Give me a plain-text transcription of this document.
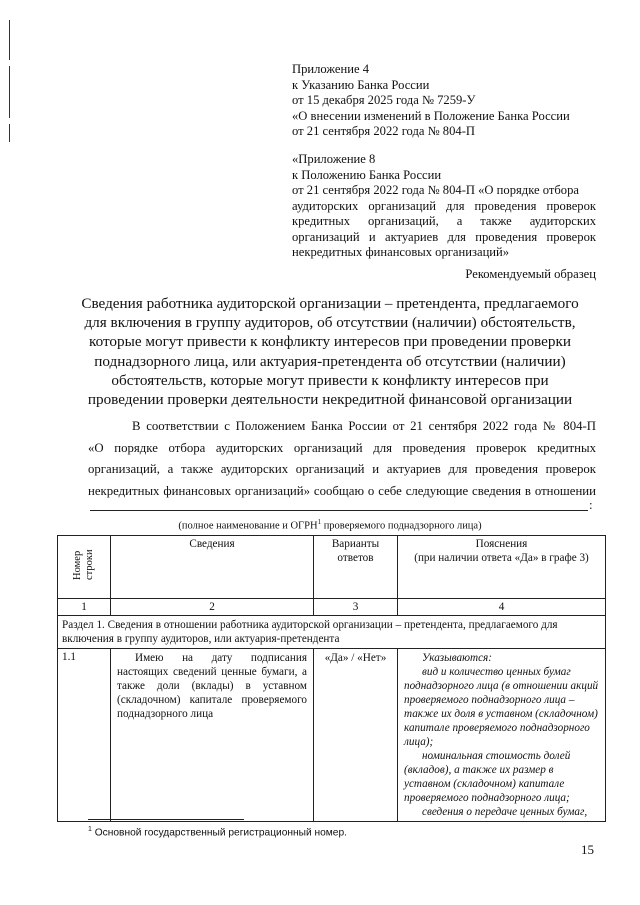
Приложение 4
к Указанию Банка России
от 15 декабря 2025 года № 7259-У
«О внесении изменений в Положение Банка России
от 21 сентября 2022 года № 804-П
«Приложение 8
к Положению Банка России
от 21 сентября 2022 года № 804-П «О порядке отбора
аудиторских организаций для проведения проверок
кредитных организаций, а также аудиторских
организаций и актуариев для проведения проверок
некредитных финансовых организаций»
Рекомендуемый образец
Сведения работника аудиторской организации – претендента, предлагаемого
для включения в группу аудиторов, об отсутствии (наличии) обстоятельств,
которые могут привести к конфликту интересов при проведении проверки
поднадзорного лица, или актуария-претендента об отсутствии (наличии)
обстоятельств, которые могут привести к конфликту интересов при
проведении проверки деятельности некредитной финансовой организации
В соответствии с Положением Банка России от 21 сентября 2022 года № 804-П
«О порядке отбора аудиторских организаций для проведения проверок кредитных
организаций, а также аудиторских организаций и актуариев для проведения проверок
некредитных финансовых организаций» сообщаю о себе следующие сведения в отношении
:
(полное наименование и ОГРН$^1$ проверяемого поднадзорного лица)
Номер строки	Сведения	Варианты ответов	Пояснения
(при наличии ответа «Да» в графе 3)

1	2	3	4
Раздел 1. Сведения в отношении работника аудиторской организации – претендента, предлагаемого для включения в группу аудиторов, или актуария-претендента			
1.1	Имею на дату подписания настоящих сведений ценные бумаги, а также доли (вклады) в уставном (складочном) капитале проверяемого поднадзорного лица	«Да» / «Нет»	Указываются:
вид и количество ценных бумаг поднадзорного лица (в отношении акций проверяемого поднадзорного лица – также их доля в уставном (складочном) капитале проверяемого поднадзорного лица);
номинальная стоимость долей (вкладов), а также их размер в уставном (складочном) капитале проверяемого поднадзорного лица;
сведения о передаче ценных бумаг,
$^1$ Основной государственный регистрационный номер.
15
